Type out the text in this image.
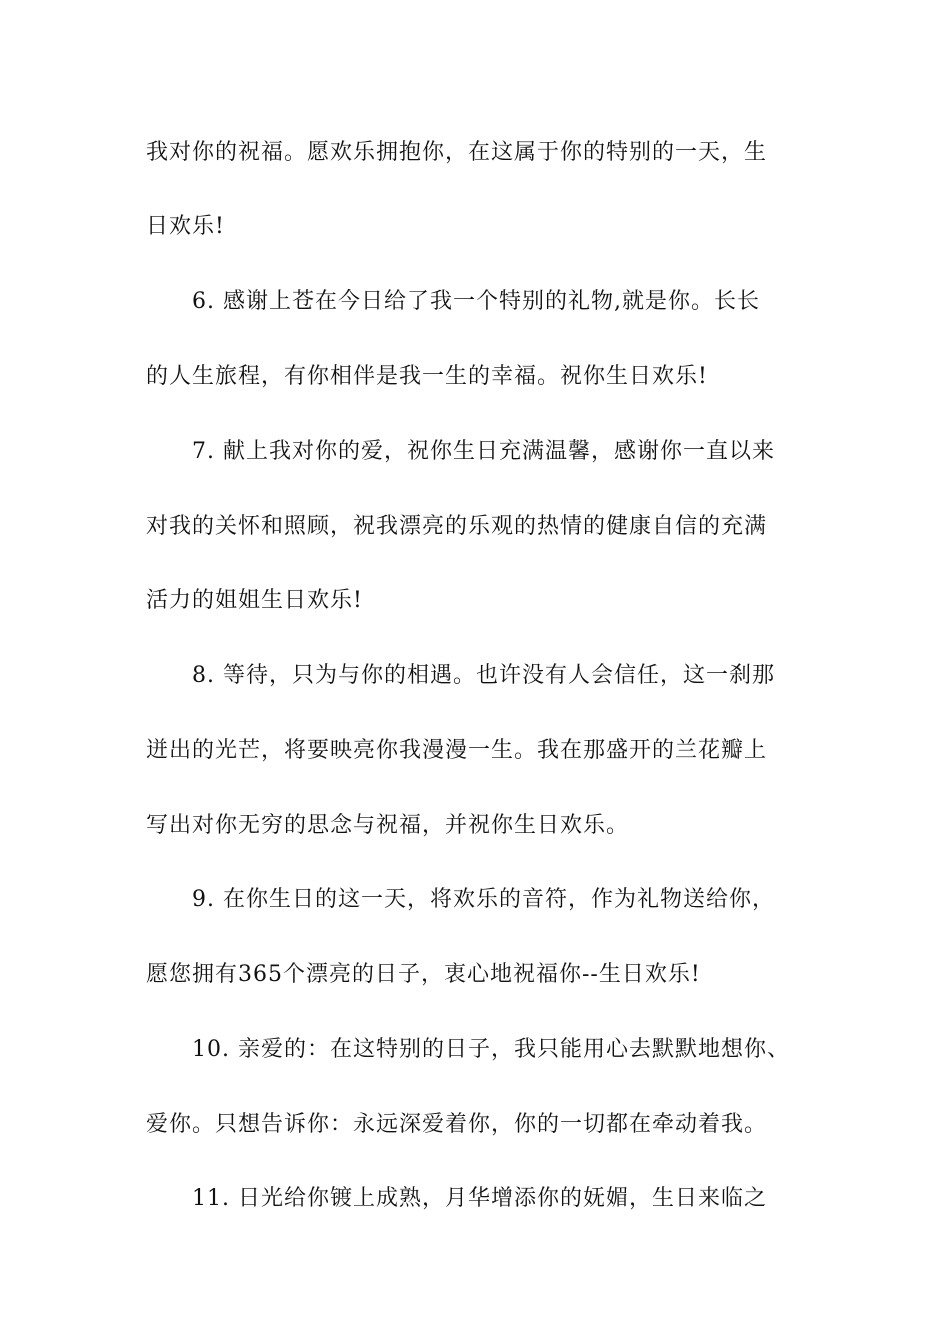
我对你的祝福。愿欢乐拥抱你，在这属于你的特别的一天，生
日欢乐!
6. 感谢上苍在今日给了我一个特别的礼物,就是你。长长
的人生旅程，有你相伴是我一生的幸福。祝你生日欢乐!
7. 献上我对你的爱，祝你生日充满温馨，感谢你一直以来
对我的关怀和照顾，祝我漂亮的乐观的热情的健康自信的充满
活力的姐姐生日欢乐!
8. 等待，只为与你的相遇。也许没有人会信任，这一刹那
迸出的光芒，将要映亮你我漫漫一生。我在那盛开的兰花瓣上
写出对你无穷的思念与祝福，并祝你生日欢乐。
9. 在你生日的这一天，将欢乐的音符，作为礼物送给你，
愿您拥有365个漂亮的日子，衷心地祝福你--生日欢乐!
10. 亲爱的：在这特别的日子，我只能用心去默默地想你、
爱你。只想告诉你：永远深爱着你，你的一切都在牵动着我。
11. 日光给你镀上成熟，月华增添你的妩媚，生日来临之
